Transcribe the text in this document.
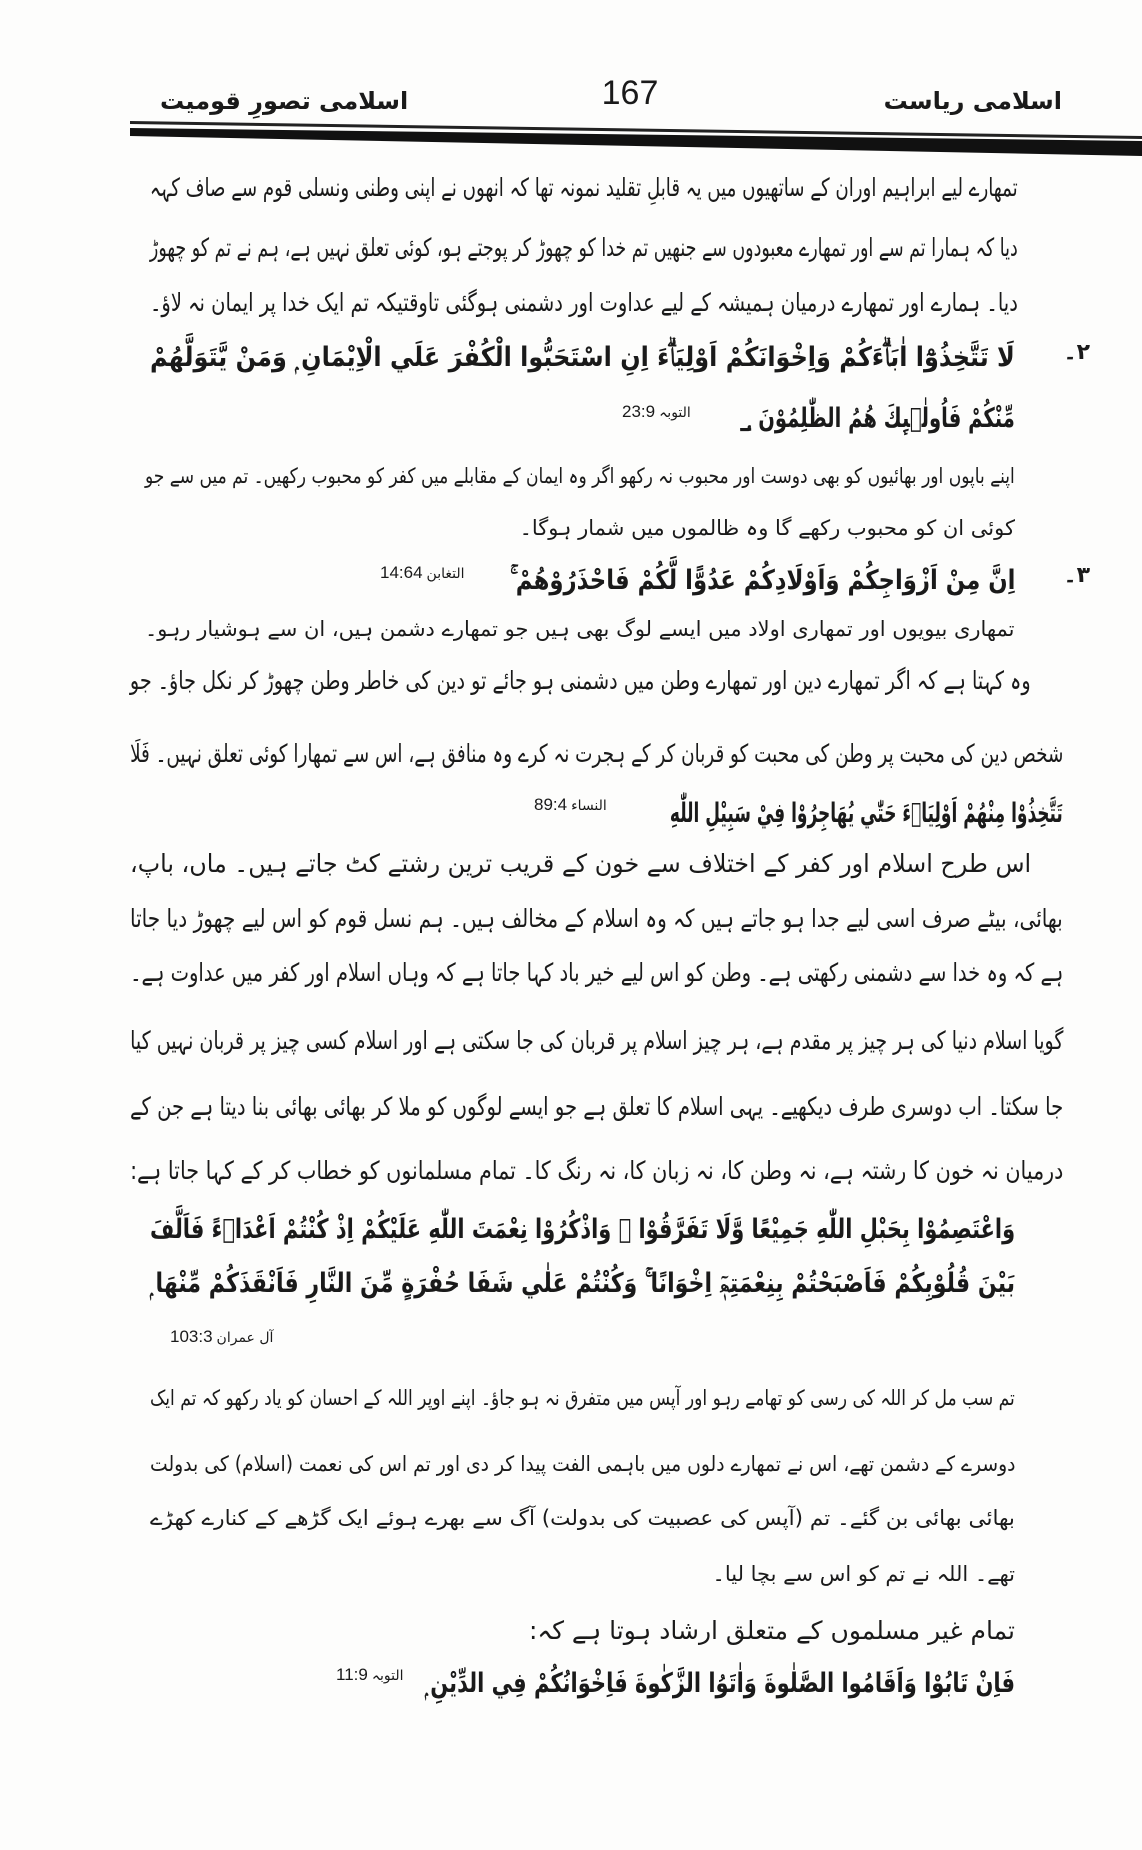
اسلامی ریاست
167
اسلامی تصورِ قومیت
تمھارے لیے ابراہیم اوران کے ساتھیوں میں یہ قابلِ تقلید نمونہ تھا کہ انھوں نے اپنی وطنی ونسلی قوم سے صاف کہہ
دیا کہ ہمارا تم سے اور تمھارے معبودوں سے جنھیں تم خدا کو چھوڑ کر پوجتے ہو، کوئی تعلق نہیں ہے، ہم نے تم کو چھوڑ
دیا۔ ہمارے اور تمھارے درمیان ہمیشہ کے لیے عداوت اور دشمنی ہوگئی تاوقتیکہ تم ایک خدا پر ایمان نہ لاؤ۔
۲۔
لَا تَتَّخِذُوْٓا اٰبَاۗءَكُمْ وَاِخْوَانَكُمْ اَوْلِيَاۗءَ اِنِ اسْتَحَبُّوا الْكُفْرَ عَلَي الْاِيْمَانِ ۭ وَمَنْ يَّتَوَلَّهُمْ
مِّنْكُمْ فَاُولٰۗىِٕكَ هُمُ الظّٰلِمُوْنَ ؀
التوبہ23:9
اپنے باپوں اور بھائیوں کو بھی دوست اور محبوب نہ رکھو اگر وہ ایمان کے مقابلے میں کفر کو محبوب رکھیں۔ تم میں سے جو
کوئی ان کو محبوب رکھے گا وہ ظالموں میں شمار ہوگا۔
۳۔
اِنَّ مِنْ اَزْوَاجِكُمْ وَاَوْلَادِكُمْ عَدُوًّا لَّكُمْ فَاحْذَرُوْهُمْ ۚ
التغابن14:64
تمھاری بیویوں اور تمھاری اولاد میں ایسے لوگ بھی ہیں جو تمھارے دشمن ہیں، ان سے ہوشیار رہو۔
وہ کہتا ہے کہ اگر تمھارے دین اور تمھارے وطن میں دشمنی ہو جائے تو دین کی خاطر وطن چھوڑ کر نکل جاؤ۔ جو
شخص دین کی محبت پر وطن کی محبت کو قربان کر کے ہجرت نہ کرے وہ منافق ہے، اس سے تمھارا کوئی تعلق نہیں۔ فَلَا
تَتَّخِذُوْا مِنْهُمْ اَوْلِيَاۗءَ حَتّٰي يُهَاجِرُوْا فِيْ سَبِيْلِ اللّٰهِ
النساء89:4
اس طرح اسلام اور کفر کے اختلاف سے خون کے قریب ترین رشتے کٹ جاتے ہیں۔ ماں، باپ،
بھائی، بیٹے صرف اسی لیے جدا ہو جاتے ہیں کہ وہ اسلام کے مخالف ہیں۔ ہم نسل قوم کو اس لیے چھوڑ دیا جاتا
ہے کہ وہ خدا سے دشمنی رکھتی ہے۔ وطن کو اس لیے خیر باد کہا جاتا ہے کہ وہاں اسلام اور کفر میں عداوت ہے۔
گویا اسلام دنیا کی ہر چیز پر مقدم ہے، ہر چیز اسلام پر قربان کی جا سکتی ہے اور اسلام کسی چیز پر قربان نہیں کیا
جا سکتا۔ اب دوسری طرف دیکھیے۔ یہی اسلام کا تعلق ہے جو ایسے لوگوں کو ملا کر بھائی بھائی بنا دیتا ہے جن کے
درمیان نہ خون کا رشتہ ہے، نہ وطن کا، نہ زبان کا، نہ رنگ کا۔ تمام مسلمانوں کو خطاب کر کے کہا جاتا ہے:
وَاعْتَصِمُوْا بِحَبْلِ اللّٰهِ جَمِيْعًا وَّلَا تَفَرَّقُوْا ۠ وَاذْكُرُوْا نِعْمَتَ اللّٰهِ عَلَيْكُمْ اِذْ كُنْتُمْ اَعْدَاۗءً فَاَلَّفَ
بَيْنَ قُلُوْبِكُمْ فَاَصْبَحْتُمْ بِنِعْمَتِھٖٓ اِخْوَانًا ۚ وَكُنْتُمْ عَلٰي شَفَا حُفْرَةٍ مِّنَ النَّارِ فَاَنْقَذَكُمْ مِّنْهَا ۭ
آل عمران103:3
تم سب مل کر اللہ کی رسی کو تھامے رہو اور آپس میں متفرق نہ ہو جاؤ۔ اپنے اوپر اللہ کے احسان کو یاد رکھو کہ تم ایک
دوسرے کے دشمن تھے، اس نے تمھارے دلوں میں باہمی الفت پیدا کر دی اور تم اس کی نعمت (اسلام) کی بدولت
بھائی بھائی بن گئے۔ تم (آپس کی عصبیت کی بدولت) آگ سے بھرے ہوئے ایک گڑھے کے کنارے کھڑے
تھے۔ اللہ نے تم کو اس سے بچا لیا۔
تمام غیر مسلموں کے متعلق ارشاد ہوتا ہے کہ:
فَاِنْ تَابُوْا وَاَقَامُوا الصَّلٰوةَ وَاٰتَوُا الزَّكٰوةَ فَاِخْوَانُكُمْ فِي الدِّيْنِ ۭ
التوبہ11:9
